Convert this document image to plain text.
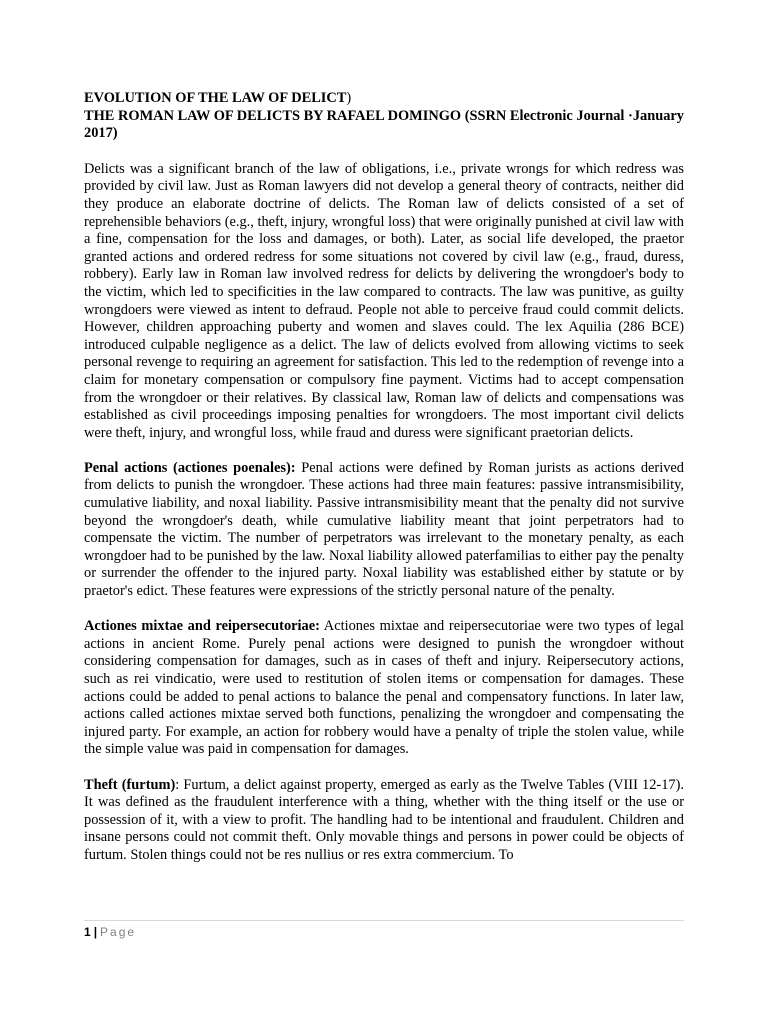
EVOLUTION OF THE LAW OF DELICT)
THE ROMAN LAW OF DELICTS BY RAFAEL DOMINGO (SSRN Electronic Journal ·January 2017)

Delicts was a significant branch of the law of obligations, i.e., private wrongs for which redress was provided by civil law. Just as Roman lawyers did not develop a general theory of contracts, neither did they produce an elaborate doctrine of delicts. The Roman law of delicts consisted of a set of reprehensible behaviors (e.g., theft, injury, wrongful loss) that were originally punished at civil law with a fine, compensation for the loss and damages, or both). Later, as social life developed, the praetor granted actions and ordered redress for some situations not covered by civil law (e.g., fraud, duress, robbery). Early law in Roman law involved redress for delicts by delivering the wrongdoer's body to the victim, which led to specificities in the law compared to contracts. The law was punitive, as guilty wrongdoers were viewed as intent to defraud. People not able to perceive fraud could commit delicts. However, children approaching puberty and women and slaves could. The lex Aquilia (286 BCE) introduced culpable negligence as a delict. The law of delicts evolved from allowing victims to seek personal revenge to requiring an agreement for satisfaction. This led to the redemption of revenge into a claim for monetary compensation or compulsory fine payment. Victims had to accept compensation from the wrongdoer or their relatives. By classical law, Roman law of delicts and compensations was established as civil proceedings imposing penalties for wrongdoers. The most important civil delicts were theft, injury, and wrongful loss, while fraud and duress were significant praetorian delicts.

Penal actions (actiones poenales): Penal actions were defined by Roman jurists as actions derived from delicts to punish the wrongdoer. These actions had three main features: passive intransmisibility, cumulative liability, and noxal liability. Passive intransmisibility meant that the penalty did not survive beyond the wrongdoer's death, while cumulative liability meant that joint perpetrators had to compensate the victim. The number of perpetrators was irrelevant to the monetary penalty, as each wrongdoer had to be punished by the law. Noxal liability allowed paterfamilias to either pay the penalty or surrender the offender to the injured party. Noxal liability was established either by statute or by praetor's edict. These features were expressions of the strictly personal nature of the penalty.

Actiones mixtae and reipersecutoriae: Actiones mixtae and reipersecutoriae were two types of legal actions in ancient Rome. Purely penal actions were designed to punish the wrongdoer without considering compensation for damages, such as in cases of theft and injury. Reipersecutory actions, such as rei vindicatio, were used to restitution of stolen items or compensation for damages. These actions could be added to penal actions to balance the penal and compensatory functions. In later law, actions called actiones mixtae served both functions, penalizing the wrongdoer and compensating the injured party. For example, an action for robbery would have a penalty of triple the stolen value, while the simple value was paid in compensation for damages.

Theft (furtum): Furtum, a delict against property, emerged as early as the Twelve Tables (VIII 12-17). It was defined as the fraudulent interference with a thing, whether with the thing itself or the use or possession of it, with a view to profit. The handling had to be intentional and fraudulent. Children and insane persons could not commit theft. Only movable things and persons in power could be objects of furtum. Stolen things could not be res nullius or res extra commercium. To

1 | Page
